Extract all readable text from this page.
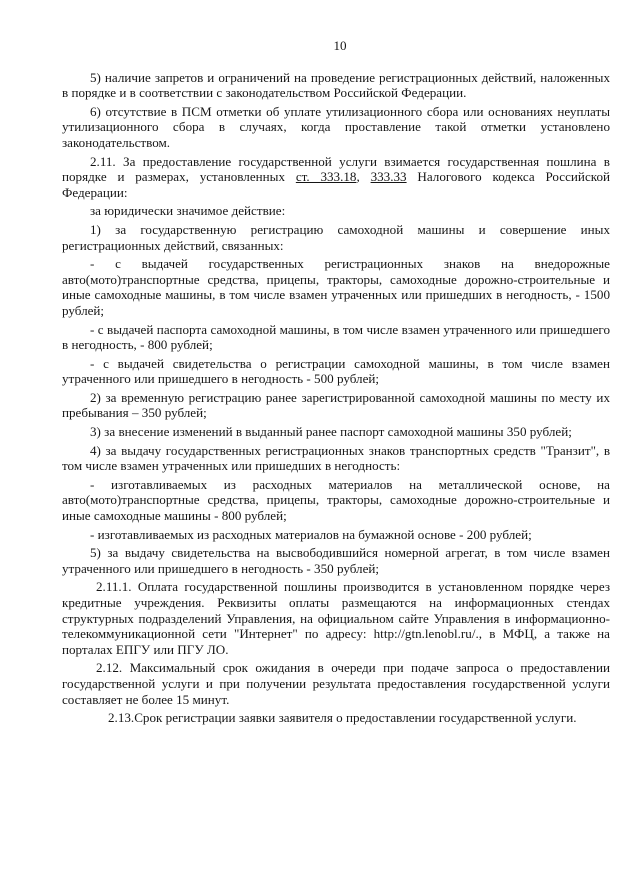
10

5) наличие запретов и ограничений на проведение регистрационных действий, наложенных в порядке и в соответствии с законодательством Российской Федерации.

6) отсутствие в ПСМ отметки об уплате утилизационного сбора или основаниях неуплаты утилизационного сбора в случаях, когда проставление такой отметки установлено законодательством.

2.11. За предоставление государственной услуги взимается государственная пошлина в порядке и размерах, установленных ст. 333.18, 333.33 Налогового кодекса Российской Федерации:

за юридически значимое действие:

1) за государственную регистрацию самоходной машины и совершение иных регистрационных действий, связанных:

- с выдачей государственных регистрационных знаков на внедорожные авто(мото)транспортные средства, прицепы, тракторы, самоходные дорожно-строительные и иные самоходные машины, в том числе взамен утраченных или пришедших в негодность, - 1500 рублей;

- с выдачей паспорта самоходной машины, в том числе взамен утраченного или пришедшего в негодность, - 800 рублей;

- с выдачей свидетельства о регистрации самоходной машины, в том числе взамен утраченного или пришедшего в негодность - 500 рублей;

2) за временную регистрацию ранее зарегистрированной самоходной машины по месту их пребывания – 350 рублей;

3) за внесение изменений в выданный ранее паспорт самоходной машины 350 рублей;

4) за выдачу государственных регистрационных знаков транспортных средств "Транзит", в том числе взамен утраченных или пришедших в негодность:

- изготавливаемых из расходных материалов на металлической основе, на авто(мото)транспортные средства, прицепы, тракторы, самоходные дорожно-строительные и иные самоходные машины - 800 рублей;

- изготавливаемых из расходных материалов на бумажной основе - 200 рублей;

5) за выдачу свидетельства на высвободившийся номерной агрегат, в том числе взамен утраченного или пришедшего в негодность - 350 рублей;

2.11.1. Оплата государственной пошлины производится в установленном порядке через кредитные учреждения. Реквизиты оплаты размещаются на информационных стендах структурных подразделений Управления, на официальном сайте Управления в информационно-телекоммуникационной сети "Интернет" по адресу: http://gtn.lenobl.ru/., в МФЦ, а также на порталах ЕПГУ или ПГУ ЛО.

2.12. Максимальный срок ожидания в очереди при подаче запроса о предоставлении государственной услуги и при получении результата предоставления государственной услуги составляет не более 15 минут.

2.13.Срок регистрации заявки заявителя о предоставлении государственной услуги.
